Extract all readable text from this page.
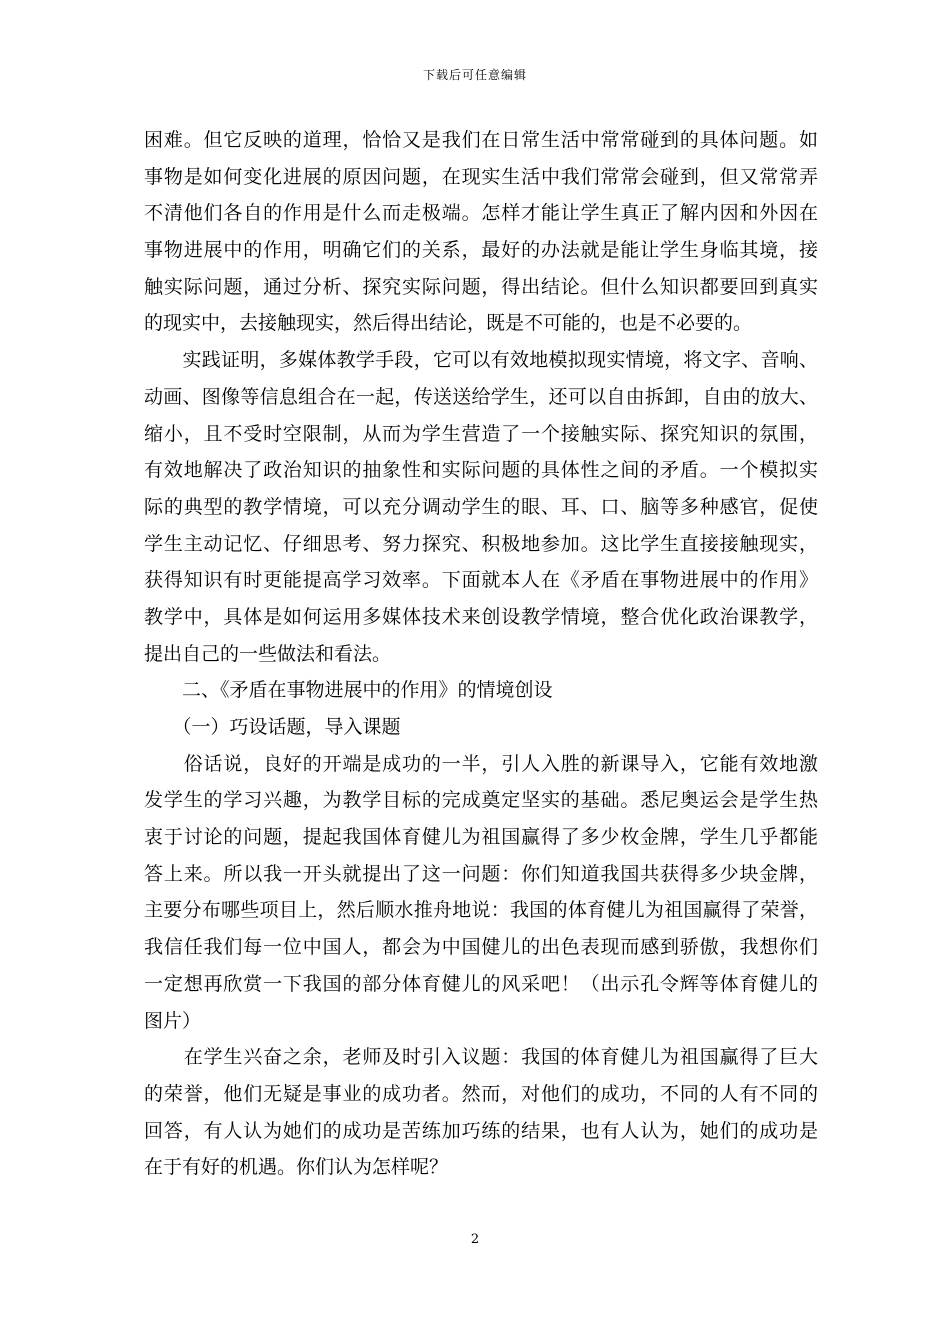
下载后可任意编辑

困难。但它反映的道理，恰恰又是我们在日常生活中常常碰到的具体问题。如
事物是如何变化进展的原因问题，在现实生活中我们常常会碰到，但又常常弄
不清他们各自的作用是什么而走极端。怎样才能让学生真正了解内因和外因在
事物进展中的作用，明确它们的关系，最好的办法就是能让学生身临其境，接
触实际问题，通过分析、探究实际问题，得出结论。但什么知识都要回到真实
的现实中，去接触现实，然后得出结论，既是不可能的，也是不必要的。

　　实践证明，多媒体教学手段，它可以有效地模拟现实情境，将文字、音响、
动画、图像等信息组合在一起，传送送给学生，还可以自由拆卸，自由的放大、
缩小，且不受时空限制，从而为学生营造了一个接触实际、探究知识的氛围，
有效地解决了政治知识的抽象性和实际问题的具体性之间的矛盾。一个模拟实
际的典型的教学情境，可以充分调动学生的眼、耳、口、脑等多种感官，促使
学生主动记忆、仔细思考、努力探究、积极地参加。这比学生直接接触现实，
获得知识有时更能提高学习效率。下面就本人在《矛盾在事物进展中的作用》
教学中，具体是如何运用多媒体技术来创设教学情境，整合优化政治课教学，
提出自己的一些做法和看法。

　　二、《矛盾在事物进展中的作用》的情境创设

　　（一）巧设话题，导入课题

　　俗话说，良好的开端是成功的一半，引人入胜的新课导入，它能有效地激
发学生的学习兴趣，为教学目标的完成奠定坚实的基础。悉尼奥运会是学生热
衷于讨论的问题，提起我国体育健儿为祖国赢得了多少枚金牌，学生几乎都能
答上来。所以我一开头就提出了这一问题：你们知道我国共获得多少块金牌，
主要分布哪些项目上，然后顺水推舟地说：我国的体育健儿为祖国赢得了荣誉，
我信任我们每一位中国人，都会为中国健儿的出色表现而感到骄傲，我想你们
一定想再欣赏一下我国的部分体育健儿的风采吧！（出示孔令辉等体育健儿的
图片）

　　在学生兴奋之余，老师及时引入议题：我国的体育健儿为祖国赢得了巨大
的荣誉，他们无疑是事业的成功者。然而，对他们的成功，不同的人有不同的
回答，有人认为她们的成功是苦练加巧练的结果，也有人认为，她们的成功是
在于有好的机遇。你们认为怎样呢？

2
